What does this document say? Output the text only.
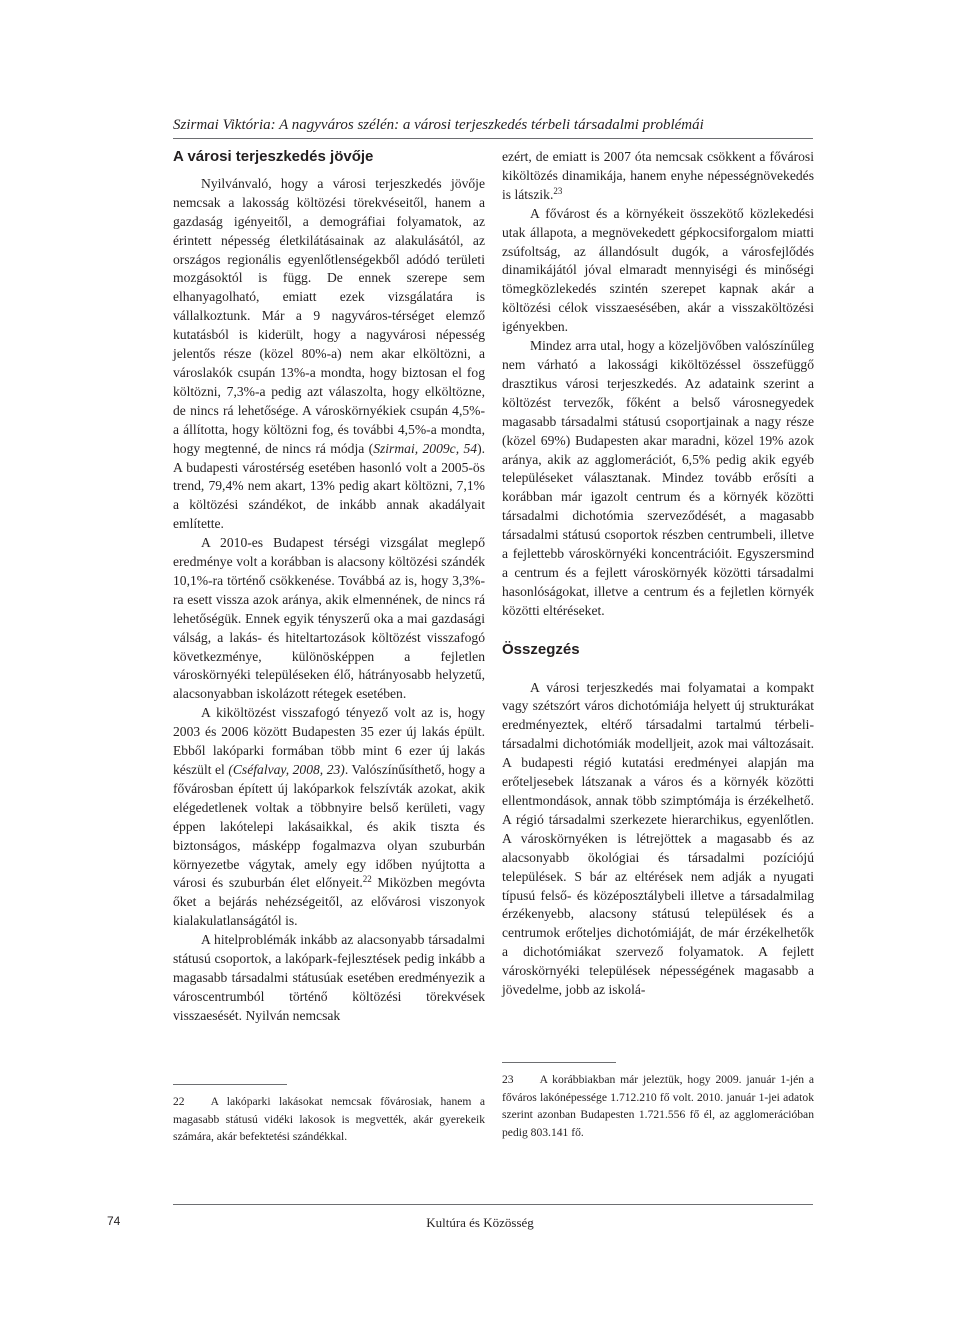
Szirmai Viktória: A nagyváros szélén: a városi terjeszkedés térbeli társadalmi problémái
A városi terjeszkedés jövője

Nyilvánvaló, hogy a városi terjeszkedés jövője nemcsak a lakosság költözési törekvéseitől, hanem a gazdaság igényeitől, a demográfiai folyamatok, az érintett népesség életkilátásainak az alakulásától, az országos regionális egyenlőtlenségekből adódó területi mozgásoktól is függ. De ennek szerepe sem elhanyagolható, emiatt ezek vizsgálatára is vállalkoztunk. Már a 9 nagyváros-térséget elemző kutatásból is kiderült, hogy a nagyvárosi népesség jelentős része (közel 80%-a) nem akar elköltözni, a városlakók csupán 13%-a mondta, hogy biztosan el fog költözni, 7,3%-a pedig azt válaszolta, hogy elköltözne, de nincs rá lehetősége. A városkörnyékiek csupán 4,5%-a állította, hogy költözni fog, és további 4,5%-a mondta, hogy megtenné, de nincs rá módja (Szirmai, 2009c, 54). A budapesti várostérség esetében hasonló volt a 2005-ös trend, 79,4% nem akart, 13% pedig akart költözni, 7,1% a költözési szándékot, de inkább annak akadályait említette.

A 2010-es Budapest térségi vizsgálat meglepő eredménye volt a korábban is alacsony költözési szándék 10,1%-ra történő csökkenése. Továbbá az is, hogy 3,3%-ra esett vissza azok aránya, akik elmennének, de nincs rá lehetőségük. Ennek egyik tényszerű oka a mai gazdasági válság, a lakás- és hiteltartozások költözést visszafogó következménye, különösképpen a fejletlen városkörnyéki településeken élő, hátrányosabb helyzetű, alacsonyabban iskolázott rétegek esetében.

A kiköltözést visszafogó tényező volt az is, hogy 2003 és 2006 között Budapesten 35 ezer új lakás épült. Ebből lakóparki formában több mint 6 ezer új lakás készült el (Cséfalvay, 2008, 23). Valószínűsíthető, hogy a fővárosban épített új lakóparkok felszívták azokat, akik elégedetlenek voltak a többnyire belső kerületi, vagy éppen lakótelepi lakásaikkal, és akik tiszta és biztonságos, másképp fogalmazva olyan szuburbán környezetbe vágytak, amely egy időben nyújtotta a városi és szuburbán élet előnyeit.$^{22}$ Miközben megóvta őket a bejárás nehézségeitől, az elővárosi viszonyok kialakulatlanságától is.

A hitelproblémák inkább az alacsonyabb társadalmi státusú csoportok, a lakópark-fejlesztések pedig inkább a magasabb társadalmi státusúak esetében eredményezik a városcentrumból történő költözési törekvések visszaesését. Nyilván nemcsak

ezért, de emiatt is 2007 óta nemcsak csökkent a fővárosi kiköltözés dinamikája, hanem enyhe népességnövekedés is látszik.$^{23}$

A fővárost és a környékeit összekötő közlekedési utak állapota, a megnövekedett gépkocsiforgalom miatti zsúfoltság, az állandósult dugók, a városfejlődés dinamikájától jóval elmaradt mennyiségi és minőségi tömegközlekedés szintén szerepet kapnak akár a költözési célok visszaesésében, akár a visszaköltözési igényekben.

Mindez arra utal, hogy a közeljövőben valószínűleg nem várható a lakossági kiköltözéssel összefüggő drasztikus városi terjeszkedés. Az adataink szerint a költözést tervezők, főként a belső városnegyedek magasabb társadalmi státusú csoportjainak a nagy része (közel 69%) Budapesten akar maradni, közel 19% azok aránya, akik az agglomerációt, 6,5% pedig akik egyéb településeket választanak. Mindez tovább erősíti a korábban már igazolt centrum és a környék közötti társadalmi dichotómia szerveződését, a magasabb társadalmi státusú csoportok részben centrumbeli, illetve a fejlettebb városkörnyéki koncentrációit. Egyszersmind a centrum és a fejlett városkörnyék közötti társadalmi hasonlóságokat, illetve a centrum és a fejletlen környék közötti eltéréseket.

Összegzés

A városi terjeszkedés mai folyamatai a kompakt vagy szétszórt város dichotómiája helyett új strukturákat eredményeztek, eltérő társadalmi tartalmú térbeli-társadalmi dichotómiák modelljeit, azok mai változásait. A budapesti régió kutatási eredményei alapján ma erőteljesebek látszanak a város és a környék közötti ellentmondások, annak több szimptómája is érzékelhető. A régió társadalmi szerkezete hierarchikus, egyenlőtlen. A városkörnyéken is létrejöttek a magasabb és az alacsonyabb ökológiai és társadalmi pozíciójú települések. S bár az eltérések nem adják a nyugati típusú felső- és középosztálybeli illetve a társadalmilag érzékenyebb, alacsony státusú települések és a centrumok erőteljes dichotómiáját, de már érzékelhetők a dichotómiákat szervező folyamatok. A fejlett városkörnyéki települések népességének magasabb a jövedelme, jobb az iskolá-

22 A lakóparki lakásokat nemcsak fővárosiak, hanem a magasabb státusú vidéki lakosok is megvették, akár gyerekeik számára, akár befektetési szándékkal.
23 A korábbiakban már jeleztük, hogy 2009. január 1-jén a főváros lakónépessége 1.712.210 fő volt. 2010. január 1-jei adatok szerint azonban Budapesten 1.721.556 fő él, az agglomerációban pedig 803.141 fő.
74	Kultúra és Közösség
